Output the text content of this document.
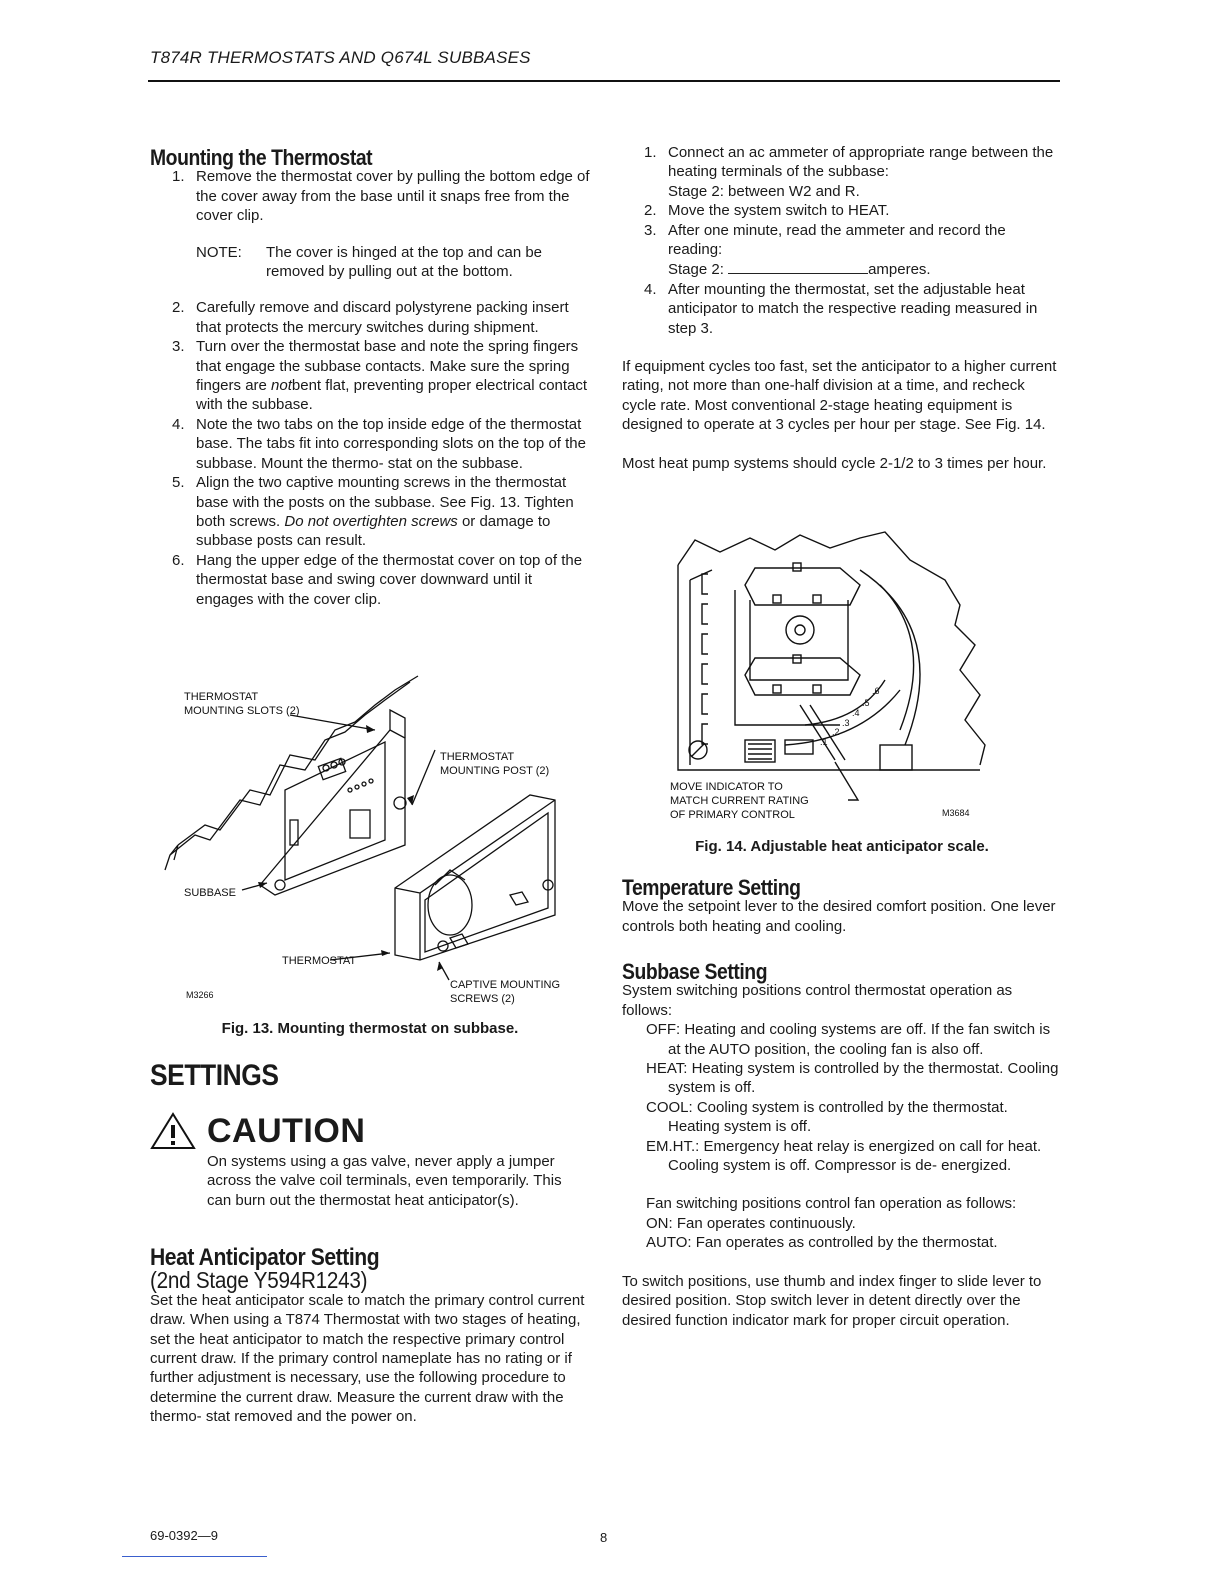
T874R THERMOSTATS AND Q674L SUBBASES
Mounting the Thermostat
1. Remove the thermostat cover by pulling the bottom edge of the cover away from the base until it snaps free from the cover clip.
NOTE:	The cover is hinged at the top and can be removed by pulling out at the bottom.
2. Carefully remove and discard polystyrene packing insert that protects the mercury switches during shipment.
3. Turn over the thermostat base and note the spring fingers that engage the subbase contacts. Make sure the spring fingers are notbent flat, preventing proper electrical contact with the subbase.
4. Note the two tabs on the top inside edge of the thermostat base. The tabs fit into corresponding slots on the top of the subbase. Mount the thermo- stat on the subbase.
5. Align the two captive mounting screws in the thermostat base with the posts on the subbase. See Fig. 13. Tighten both screws. Do not overtighten screws or damage to subbase posts can result.
6. Hang the upper edge of the thermostat cover on top of the thermostat base and swing cover downward until it engages with the cover clip.
THERMOSTAT
MOUNTING SLOTS (2)
THERMOSTAT
MOUNTING POST (2)
SUBBASE
THERMOSTAT
CAPTIVE MOUNTING
SCREWS (2)
M3266
Fig. 13. Mounting thermostat on subbase.
SETTINGS
CAUTION
On systems using a gas valve, never apply a jumper across the valve coil terminals, even temporarily. This can burn out the thermostat heat anticipator(s).
Heat Anticipator Setting
(2nd Stage Y594R1243)

Set the heat anticipator scale to match the primary control current draw. When using a T874 Thermostat with two stages of heating, set the heat anticipator to match the respective primary control current draw. If the primary control nameplate has no rating or if further adjustment is necessary, use the following procedure to determine the current draw. Measure the current draw with the thermo- stat removed and the power on.

1. Connect an ac ammeter of appropriate range between the heating terminals of the subbase:
Stage 2: between W2 and R.
2. Move the system switch to HEAT.
3. After one minute, read the ammeter and record the reading:
Stage 2:	amperes.
4. After mounting the thermostat, set the adjustable heat anticipator to match the respective reading measured in step 3.

If equipment cycles too fast, set the anticipator to a higher current rating, not more than one-half division at a time, and recheck cycle rate. Most conventional 2-stage heating equipment is designed to operate at 3 cycles per hour per stage. See Fig. 14.

Most heat pump systems should cycle 2-1/2 to 3 times per hour.

.1
.2
.3
.4
.5
.6
MOVE INDICATOR TO
MATCH CURRENT RATING
OF PRIMARY CONTROL	M3684
Fig. 14. Adjustable heat anticipator scale.
Temperature Setting

Move the setpoint lever to the desired comfort position. One lever controls both heating and cooling.

Subbase Setting

System switching positions control thermostat operation as follows:

OFF: Heating and cooling systems are off. If the fan switch is at the AUTO position, the cooling fan is also off.

HEAT: Heating system is controlled by the thermostat. Cooling system is off.

COOL: Cooling system is controlled by the thermostat. Heating system is off.

EM.HT.: Emergency heat relay is energized on call for heat. Cooling system is off. Compressor is de- energized.

Fan switching positions control fan operation as follows:

ON: Fan operates continuously.

AUTO: Fan operates as controlled by the thermostat.

To switch positions, use thumb and index finger to slide lever to desired position. Stop switch lever in detent directly over the desired function indicator mark for proper circuit operation.

69-0392—9	8
